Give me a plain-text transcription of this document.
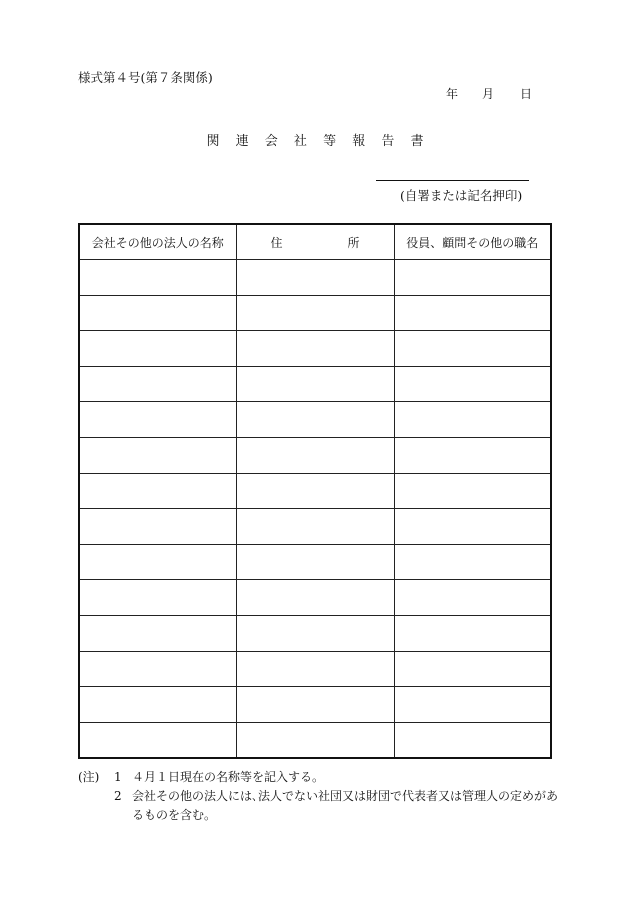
様式第４号(第７条関係)
年 月 日
関 連 会 社 等 報 告 書
(自署または記名押印)
会社その他の法人の名称	住 所	役員、顧問その他の職名

(注)	1 ４月１日現在の名称等を記入する。
2 会社その他の法人には､法人でない社団又は財団で代表者又は管理人の定めがあるものを含む。
